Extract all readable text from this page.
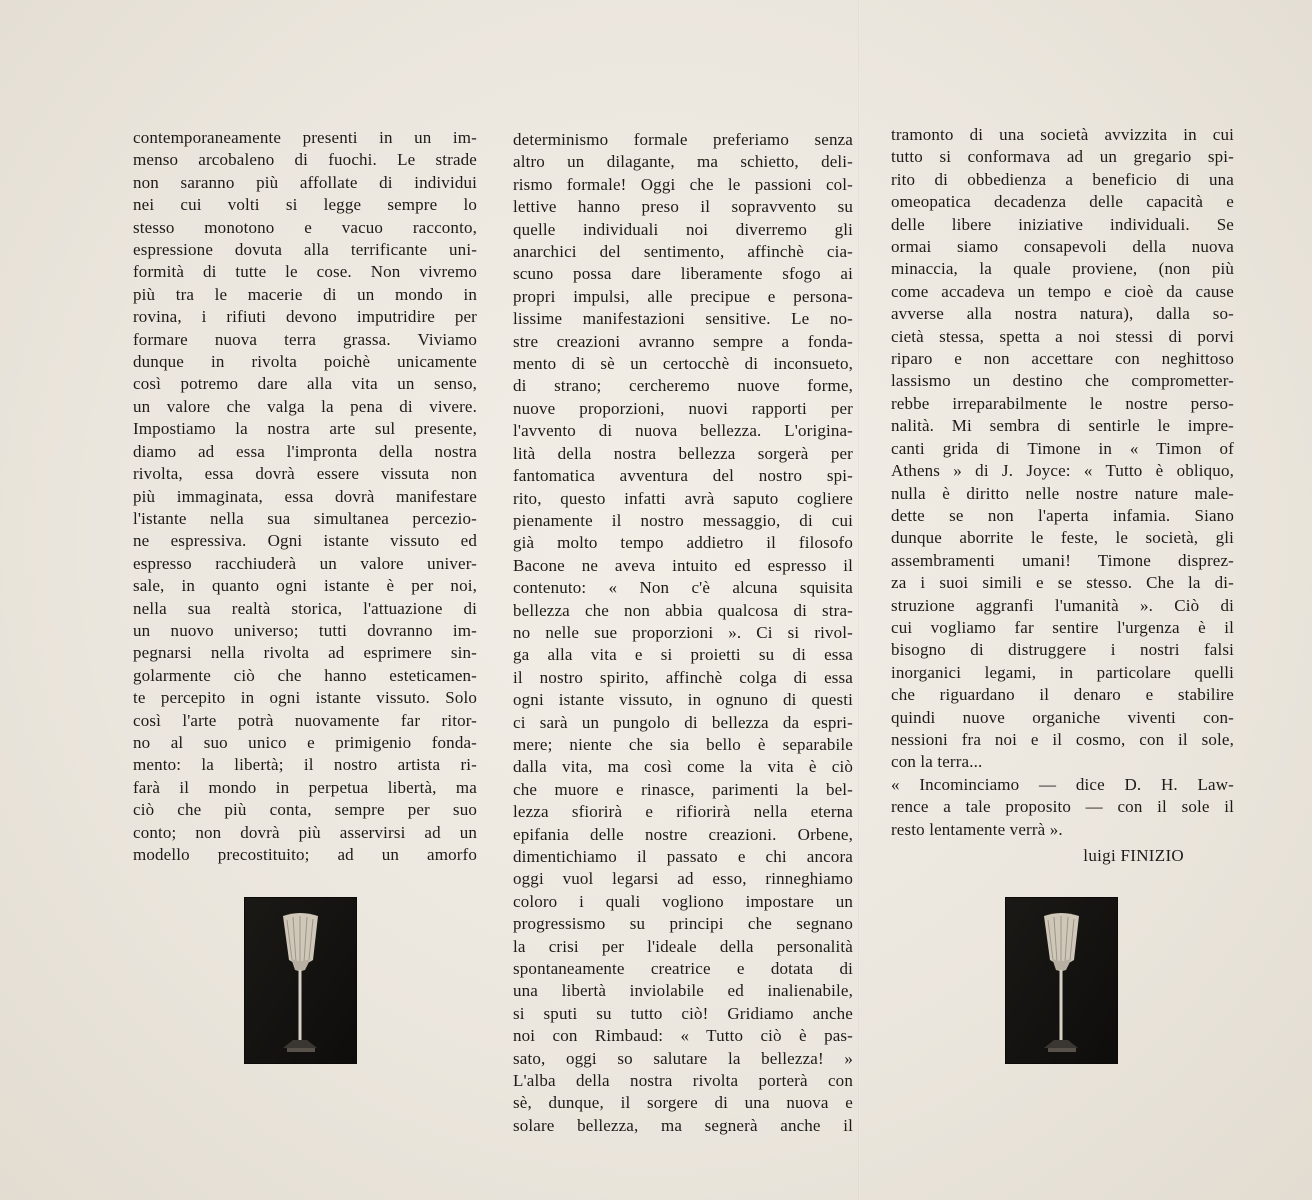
contemporaneamente presenti in un im-
menso arcobaleno di fuochi. Le strade
non saranno più affollate di individui
nei cui volti si legge sempre lo
stesso monotono e vacuo racconto,
espressione dovuta alla terrificante uni-
formità di tutte le cose. Non vivremo
più tra le macerie di un mondo in
rovina, i rifiuti devono imputridire per
formare nuova terra grassa. Viviamo
dunque in rivolta poichè unicamente
così potremo dare alla vita un senso,
un valore che valga la pena di vivere.
Impostiamo la nostra arte sul presente,
diamo ad essa l'impronta della nostra
rivolta, essa dovrà essere vissuta non
più immaginata, essa dovrà manifestare
l'istante nella sua simultanea percezio-
ne espressiva. Ogni istante vissuto ed
espresso racchiuderà un valore univer-
sale, in quanto ogni istante è per noi,
nella sua realtà storica, l'attuazione di
un nuovo universo; tutti dovranno im-
pegnarsi nella rivolta ad esprimere sin-
golarmente ciò che hanno esteticamen-
te percepito in ogni istante vissuto. Solo
così l'arte potrà nuovamente far ritor-
no al suo unico e primigenio fonda-
mento: la libertà; il nostro artista ri-
farà il mondo in perpetua libertà, ma
ciò che più conta, sempre per suo
conto; non dovrà più asservirsi ad un
modello precostituito; ad un amorfo
determinismo formale preferiamo senza
altro un dilagante, ma schietto, deli-
rismo formale! Oggi che le passioni col-
lettive hanno preso il sopravvento su
quelle individuali noi diverremo gli
anarchici del sentimento, affinchè cia-
scuno possa dare liberamente sfogo ai
propri impulsi, alle precipue e persona-
lissime manifestazioni sensitive. Le no-
stre creazioni avranno sempre a fonda-
mento di sè un certocchè di inconsueto,
di strano; cercheremo nuove forme,
nuove proporzioni, nuovi rapporti per
l'avvento di nuova bellezza. L'origina-
lità della nostra bellezza sorgerà per
fantomatica avventura del nostro spi-
rito, questo infatti avrà saputo cogliere
pienamente il nostro messaggio, di cui
già molto tempo addietro il filosofo
Bacone ne aveva intuito ed espresso il
contenuto: « Non c'è alcuna squisita
bellezza che non abbia qualcosa di stra-
no nelle sue proporzioni ». Ci si rivol-
ga alla vita e si proietti su di essa
il nostro spirito, affinchè colga di essa
ogni istante vissuto, in ognuno di questi
ci sarà un pungolo di bellezza da espri-
mere; niente che sia bello è separabile
dalla vita, ma così come la vita è ciò
che muore e rinasce, parimenti la bel-
lezza sfiorirà e rifiorirà nella eterna
epifania delle nostre creazioni. Orbene,
dimentichiamo il passato e chi ancora
oggi vuol legarsi ad esso, rinneghiamo
coloro i quali vogliono impostare un
progressismo su principi che segnano
la crisi per l'ideale della personalità
spontaneamente creatrice e dotata di
una libertà inviolabile ed inalienabile,
si sputi su tutto ciò! Gridiamo anche
noi con Rimbaud: « Tutto ciò è pas-
sato, oggi so salutare la bellezza! »
L'alba della nostra rivolta porterà con
sè, dunque, il sorgere di una nuova e
solare bellezza, ma segnerà anche il
tramonto di una società avvizzita in cui
tutto si conformava ad un gregario spi-
rito di obbedienza a beneficio di una
omeopatica decadenza delle capacità e
delle libere iniziative individuali. Se
ormai siamo consapevoli della nuova
minaccia, la quale proviene, (non più
come accadeva un tempo e cioè da cause
avverse alla nostra natura), dalla so-
cietà stessa, spetta a noi stessi di porvi
riparo e non accettare con neghittoso
lassismo un destino che comprometter-
rebbe irreparabilmente le nostre perso-
nalità. Mi sembra di sentirle le impre-
canti grida di Timone in « Timon of
Athens » di J. Joyce: « Tutto è obliquo,
nulla è diritto nelle nostre nature male-
dette se non l'aperta infamia. Siano
dunque aborrite le feste, le società, gli
assembramenti umani! Timone disprez-
za i suoi simili e se stesso. Che la di-
struzione aggranfi l'umanità ». Ciò di
cui vogliamo far sentire l'urgenza è il
bisogno di distruggere i nostri falsi
inorganici legami, in particolare quelli
che riguardano il denaro e stabilire
quindi nuove organiche viventi con-
nessioni fra noi e il cosmo, con il sole,
con la terra...
« Incominciamo — dice D. H. Law-
rence a tale proposito — con il sole il
resto lentamente verrà ».
luigi FINIZIO
